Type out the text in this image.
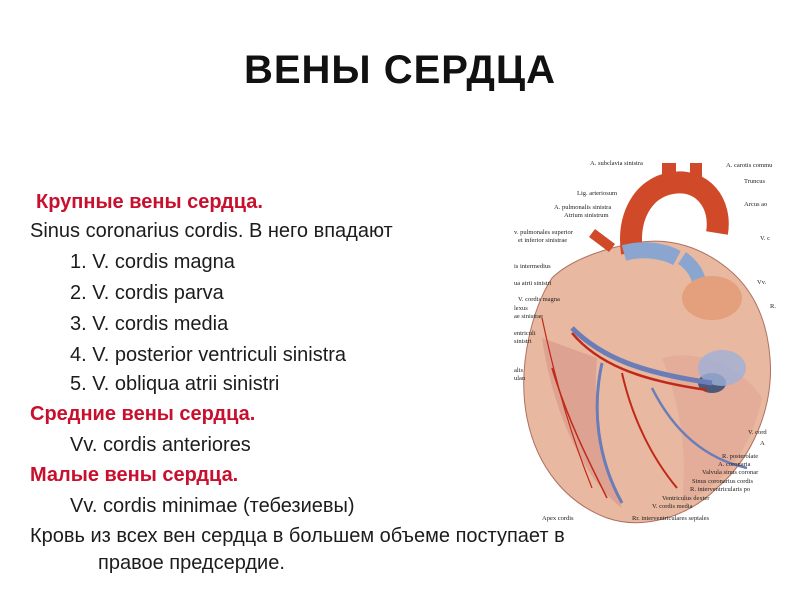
ВЕНЫ СЕРДЦА
Крупные вены сердца.
Sinus coronarius cordis. В него впадают
1. V. cordis magna
2. V. cordis parva
3. V. cordis media
4. V. posterior ventriculi sinistra
5. V. obliqua atrii sinistri
Средние вены сердца.
Vv. cordis anteriores
Малые вены сердца.
Vv. cordis minimae (тебезиевы)
Кровь из всех вен сердца в большем объеме поступает в
правое предсердие.
A. subclavia sinistra	A. carotis commu
Truncus
Lig. arteriosum
Arcus ao
A. pulmonalis sinistra
Atrium sinistrum
v. pulmonales superior
et inferior sinistrae	V. c
is intermedius
ua atrii sinistri	Vv.
V. cordis magna
lexus
ae sinistrae
R.
entriculi
sinistri
alis
ulan
V. cord
A
R. posterolate
A. coronaria
Valvula sinus coronar
Sinus coronarius cordis
R. interventricularis po
Ventriculus dexter
V. cordis media
Apex cordis	Rr. interventriculares septales
